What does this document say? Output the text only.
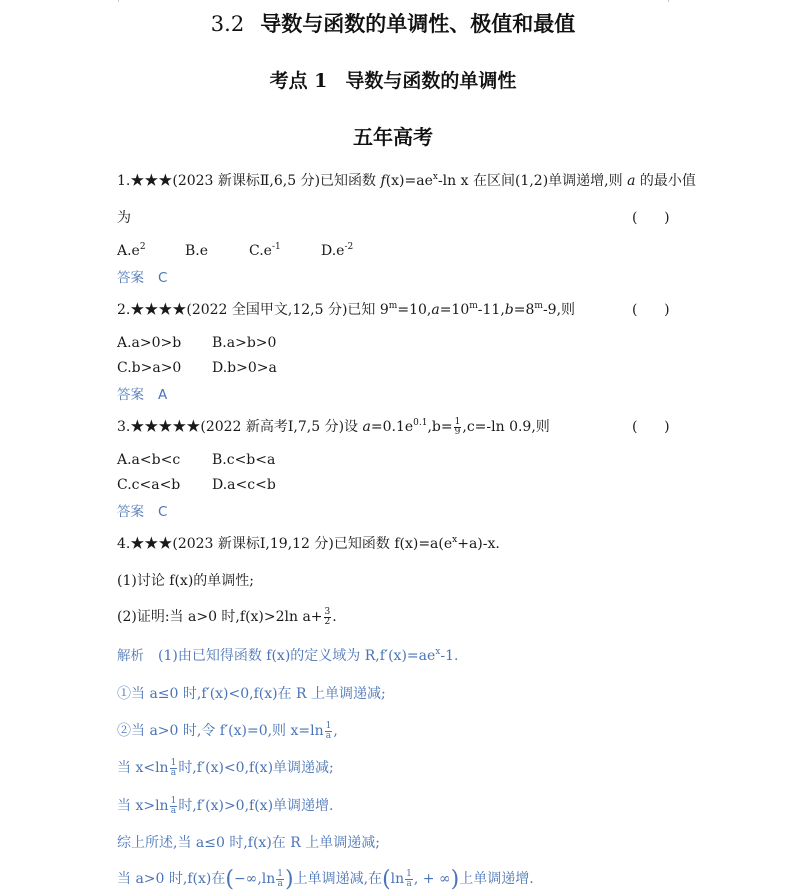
3.2 导数与函数的单调性、极值和最值
考点 1 导数与函数的单调性
五年高考
1.★★★(2023 新课标Ⅱ,6,5 分)已知函数 $f(x)=ae^x-\ln$ x 在区间(1,2)单调递增,则 a 的最小值
为	(      )
$A.e^2$	B.e	$C.e^{-1}$	$D.e^{-2}$
答案 C
2.★★★★(2022 全国甲文,12,5 分)已知 $9^m=10,a=10^m-11,b=8^m-9$,则	(      )
A.a>0>b B.a>b>0
C.b>a>0 D.b>0>a
答案 A
3.★★★★★(2022 新高考Ⅰ,7,5 分)设 $a=0.1e^{0.1},b= \frac{1}{9} ,c=-\ln$ 0.9,则	(      )
A.a<b<c B.c<b<a
C.c<a<b D.a<c<b
答案 C
4.★★★(2023 新课标Ⅰ,19,12 分)已知函数 $f(x)=a(e^x+a)-x$.
(1)讨论 f(x)的单调性;
(2)证明:当 a>0 时,f(x)>2ln $a+ \frac{3}{2}$ .
解析 (1)由已知得函数 f(x)的定义域为 $R,f'(x)=ae^x-1$.
①当 a≤0 时,f′(x)<0,f(x)在 R 上单调递减;
②当 a>0 时,令 f′(x)=0,则 $x=\ln \frac{1}{a}$ ,
当 $x<\ln \frac{1}{a}$ 时,f′(x)<0,f(x)单调递减;
当 $x>\ln \frac{1}{a}$ 时,f′(x)>0,f(x)单调递增.
综上所述,当 a≤0 时,f(x)在 R 上单调递减;
当 a>0 时,f(x)在($-\infty,\ln \frac{1}{a}$ )上单调递减,在($\ln \frac{1}{a}$ , + ∞)上单调递增.
